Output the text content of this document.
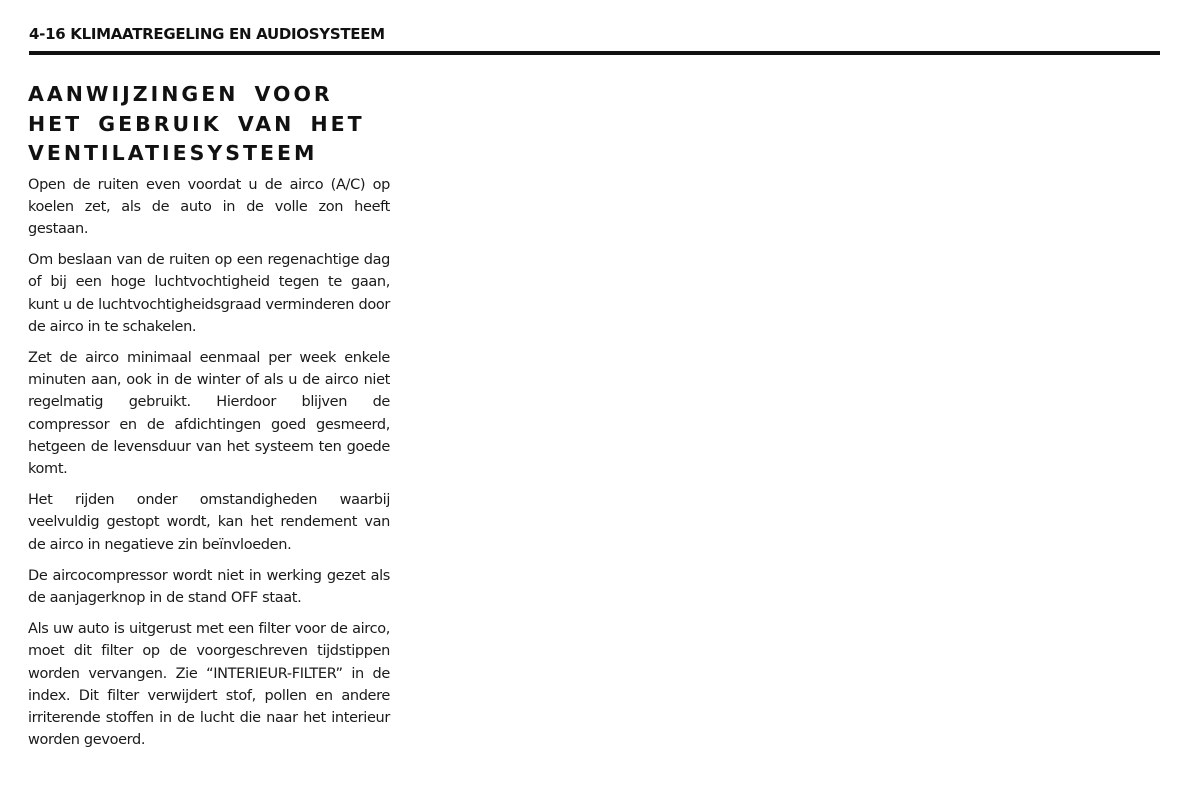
4-16 KLIMAATREGELING EN AUDIOSYSTEEM
AANWIJZINGEN VOOR
HET GEBRUIK VAN HET
VENTILATIESYSTEEM

Open de ruiten even voordat u de airco (A/C) op koelen zet, als de auto in de volle zon heeft gestaan.

Om beslaan van de ruiten op een regenachtige dag of bij een hoge luchtvochtigheid tegen te gaan, kunt u de luchtvochtigheidsgraad verminderen door de airco in te schakelen.

Zet de airco minimaal eenmaal per week enkele minuten aan, ook in de winter of als u de airco niet regelmatig gebruikt. Hierdoor blijven de compressor en de afdichtingen goed gesmeerd, hetgeen de levensduur van het systeem ten goede komt.

Het rijden onder omstandigheden waarbij veelvuldig gestopt wordt, kan het rendement van de airco in negatieve zin beïnvloeden.

De aircocompressor wordt niet in werking gezet als de aanjagerknop in de stand OFF staat.

Als uw auto is uitgerust met een filter voor de airco, moet dit filter op de voorgeschreven tijdstippen worden vervangen. Zie “INTERIEUR-FILTER” in de index. Dit filter verwijdert stof, pollen en andere irriterende stoffen in de lucht die naar het interieur worden gevoerd.
